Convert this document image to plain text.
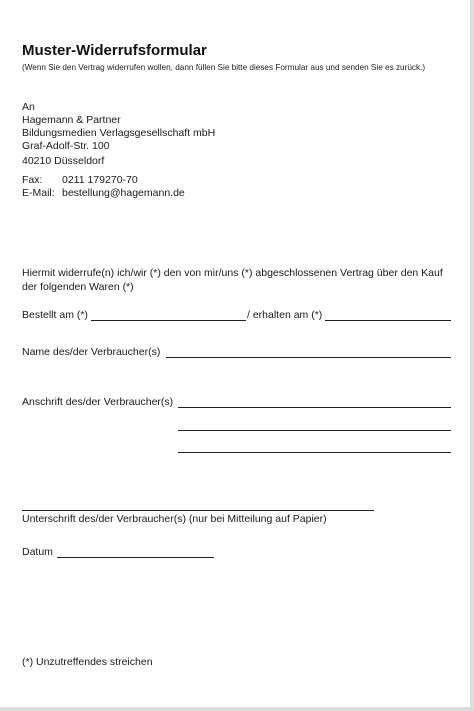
Muster-Widerrufsformular
(Wenn Sie den Vertrag widerrufen wollen, dann füllen Sie bitte dieses Formular aus und senden Sie es zurück.)
An
Hagemann & Partner
Bildungsmedien Verlagsgesellschaft mbH
Graf-Adolf-Str. 100
40210 Düsseldorf
Fax: 0211 179270-70
E-Mail: bestellung@hagemann.de
Hiermit widerrufe(n) ich/wir (*) den von mir/uns (*) abgeschlossenen Vertrag über den Kauf
der folgenden Waren (*)
Bestellt am (*)	/ erhalten am (*)
Name des/der Verbraucher(s)
Anschrift des/der Verbraucher(s)
Unterschrift des/der Verbraucher(s) (nur bei Mitteilung auf Papier)
Datum
(*) Unzutreffendes streichen
